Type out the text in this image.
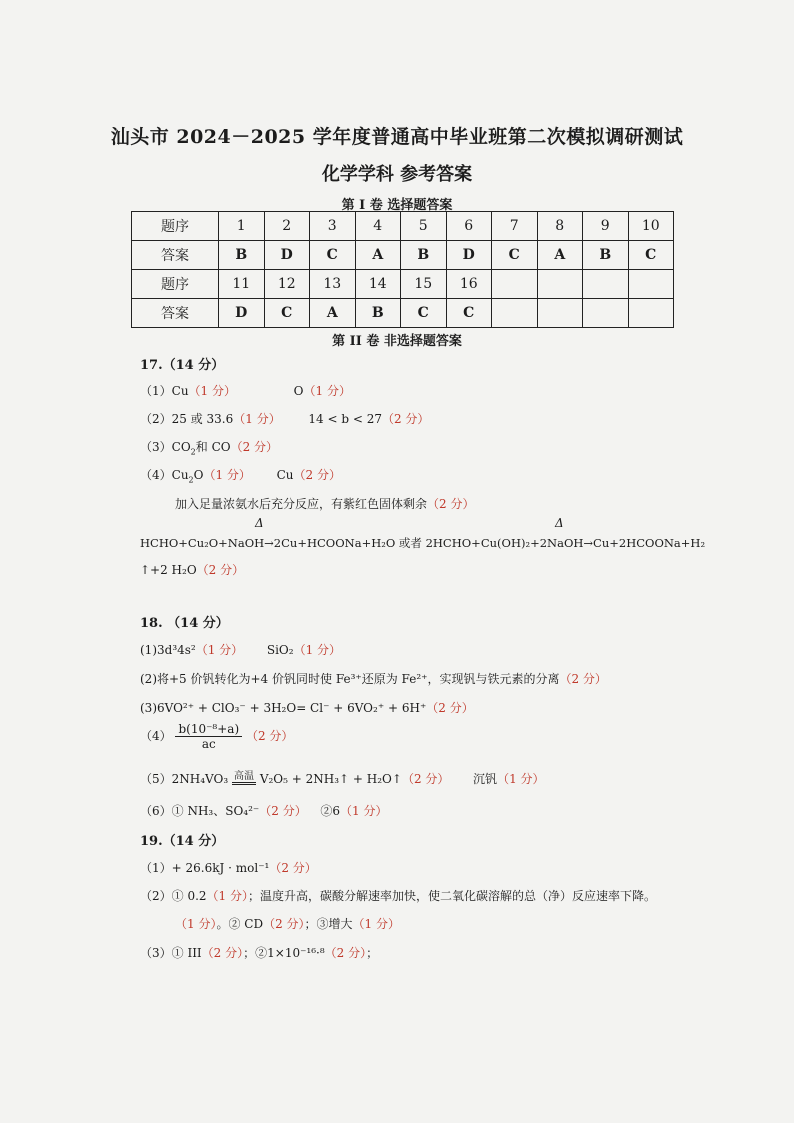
汕头市 2024－2025 学年度普通高中毕业班第二次模拟调研测试
化学学科 参考答案
第 I 卷 选择题答案
题序	1	2	3	4	5	6	7	8	9	10
答案	B	D	C	A	B	D	C	A	B	C
题序	11	12	13	14	15	16				
答案	D	C	A	B	C	C				
第 II 卷 非选择题答案
17.（14 分）
（1）Cu（1 分）	O（1 分）
（2）25 或 33.6（1 分） 14 < b < 27（2 分）
$(3)CO_2$和 CO（2 分）
$(4)Cu_2O(1$ 分） Cu（2 分）
加入足量浓氨水后充分反应，有紫红色固体剩余（2 分）
Δ	Δ
HCHO+Cu₂O+NaOH→2Cu+HCOONa+H₂O 或者 2HCHO+Cu(OH)₂+2NaOH→Cu+2HCOONa+H₂
↑+2 H₂O（2 分）
18. （14 分）
(1)3d³4s²（1 分） SiO₂（1 分）
(2)将+5 价钒转化为+4 价钒同时使 Fe³⁺还原为 Fe²⁺，实现钒与铁元素的分离（2 分）
(3)6VO²⁺ + ClO₃⁻ + 3H₂O= Cl⁻ + 6VO₂⁺ + 6H⁺（2 分）
$(4) \frac{\text{b(10⁻⁸+a)}}{ac} (2$ 分）
（5）2NH₄VO₃ 高温 V₂O₅ + 2NH₃↑ + H₂O↑（2 分） 沉钒（1 分）
（6）① NH₃、SO₄²⁻（2 分） ②6（1 分）
19.（14 分）
（1）+ 26.6kJ · mol⁻¹（2 分）
（2）① 0.2（1 分）；温度升高，碳酸分解速率加快，使二氧化碳溶解的总（净）反应速率下降。
（1 分）。② CD（2 分）；③增大（1 分）
（3）① III（2 分）；②1×10⁻¹⁶·⁸（2 分）；
